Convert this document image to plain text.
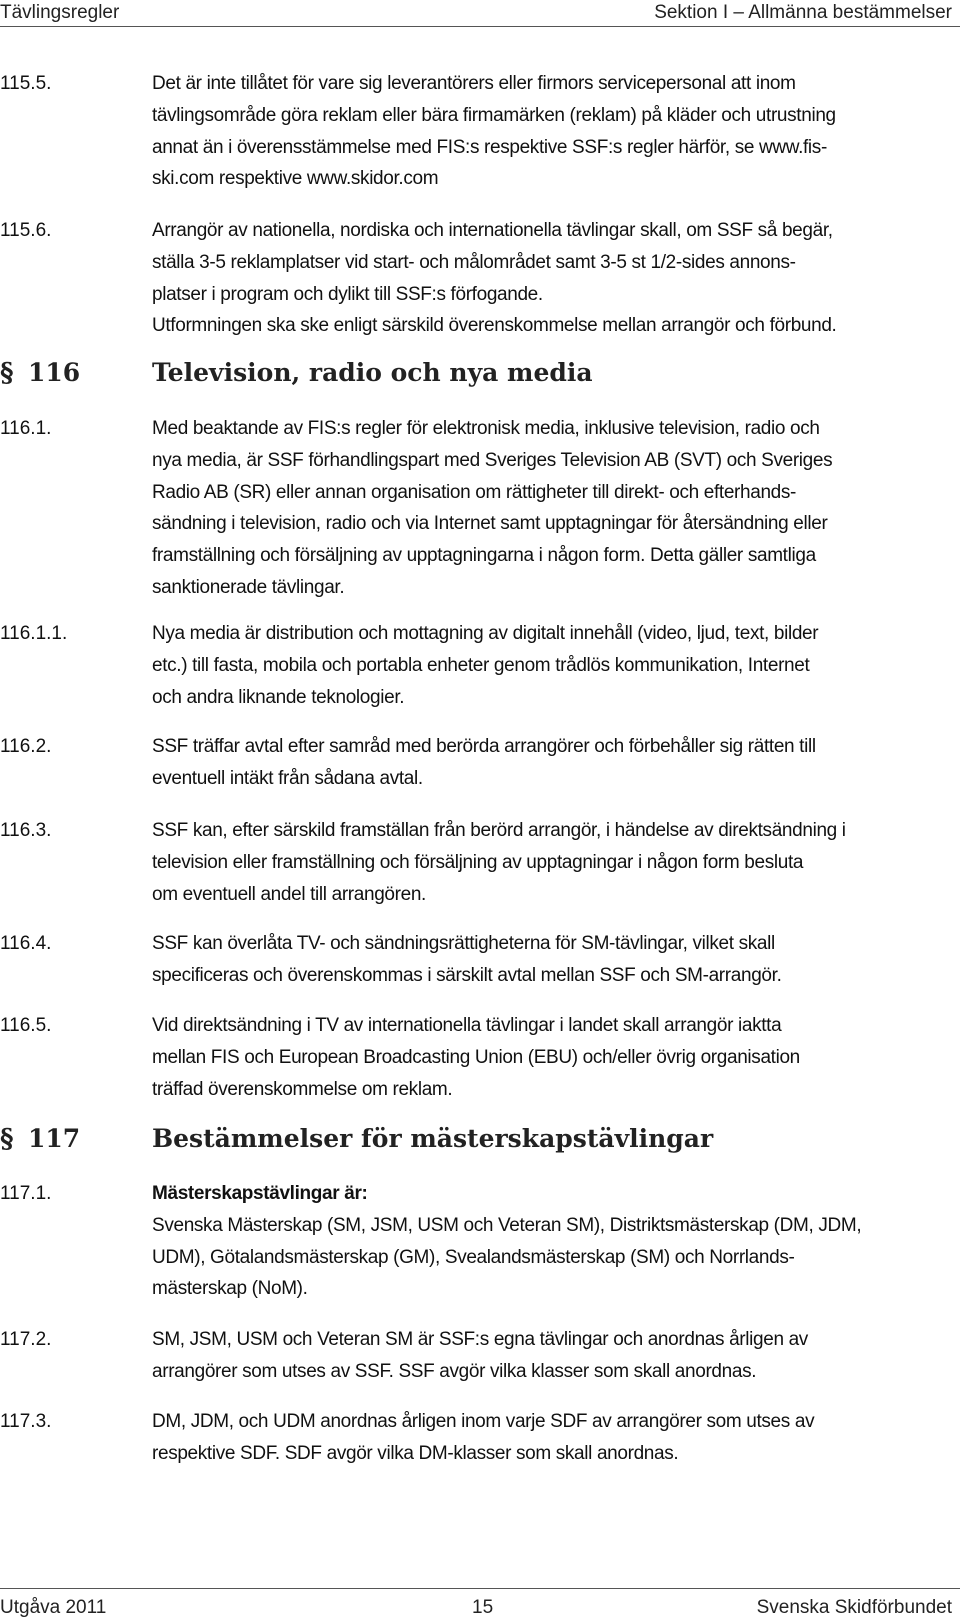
Tävlingsregler	Sektion I – Allmänna bestämmelser
115.5.	Det är inte tillåtet för vare sig leverantörers eller firmors servicepersonal att inom
tävlingsområde göra reklam eller bära firmamärken (reklam) på kläder och utrustning
annat än i överensstämmelse med FIS:s respektive SSF:s regler härför, se www.fis-
ski.com respektive www.skidor.com
115.6.	Arrangör av nationella, nordiska och internationella tävlingar skall, om SSF så begär,
ställa 3-5 reklamplatser vid start- och målområdet samt 3-5 st 1/2-sides annons-
platser i program och dylikt till SSF:s förfogande.
Utformningen ska ske enligt särskild överenskommelse mellan arrangör och förbund.
§ 116	Television, radio och nya media
116.1.	Med beaktande av FIS:s regler för elektronisk media, inklusive television, radio och
nya media, är SSF förhandlingspart med Sveriges Television AB (SVT) och Sveriges
Radio AB (SR) eller annan organisation om rättigheter till direkt- och efterhands-
sändning i television, radio och via Internet samt upptagningar för återsändning eller
framställning och försäljning av upptagningarna i någon form. Detta gäller samtliga
sanktionerade tävlingar.
116.1.1.	Nya media är distribution och mottagning av digitalt innehåll (video, ljud, text, bilder
etc.) till fasta, mobila och portabla enheter genom trådlös kommunikation, Internet
och andra liknande teknologier.
116.2.	SSF träffar avtal efter samråd med berörda arrangörer och förbehåller sig rätten till
eventuell intäkt från sådana avtal.
116.3.	SSF kan, efter särskild framställan från berörd arrangör, i händelse av direktsändning i
television eller framställning och försäljning av upptagningar i någon form besluta
om eventuell andel till arrangören.
116.4.	SSF kan överlåta TV- och sändningsrättigheterna för SM-tävlingar, vilket skall
specificeras och överenskommas i särskilt avtal mellan SSF och SM-arrangör.
116.5.	Vid direktsändning i TV av internationella tävlingar i landet skall arrangör iaktta
mellan FIS och European Broadcasting Union (EBU) och/eller övrig organisation
träffad överenskommelse om reklam.
§ 117	Bestämmelser för mästerskapstävlingar
117.1.	Mästerskapstävlingar är:
Svenska Mästerskap (SM, JSM, USM och Veteran SM), Distriktsmästerskap (DM, JDM,
UDM), Götalandsmästerskap (GM), Svealandsmästerskap (SM) och Norrlands-
mästerskap (NoM).
117.2.	SM, JSM, USM och Veteran SM är SSF:s egna tävlingar och anordnas årligen av
arrangörer som utses av SSF. SSF avgör vilka klasser som skall anordnas.
117.3.	DM, JDM, och UDM anordnas årligen inom varje SDF av arrangörer som utses av
respektive SDF. SDF avgör vilka DM-klasser som skall anordnas.
Utgåva 2011	15	Svenska Skidförbundet
